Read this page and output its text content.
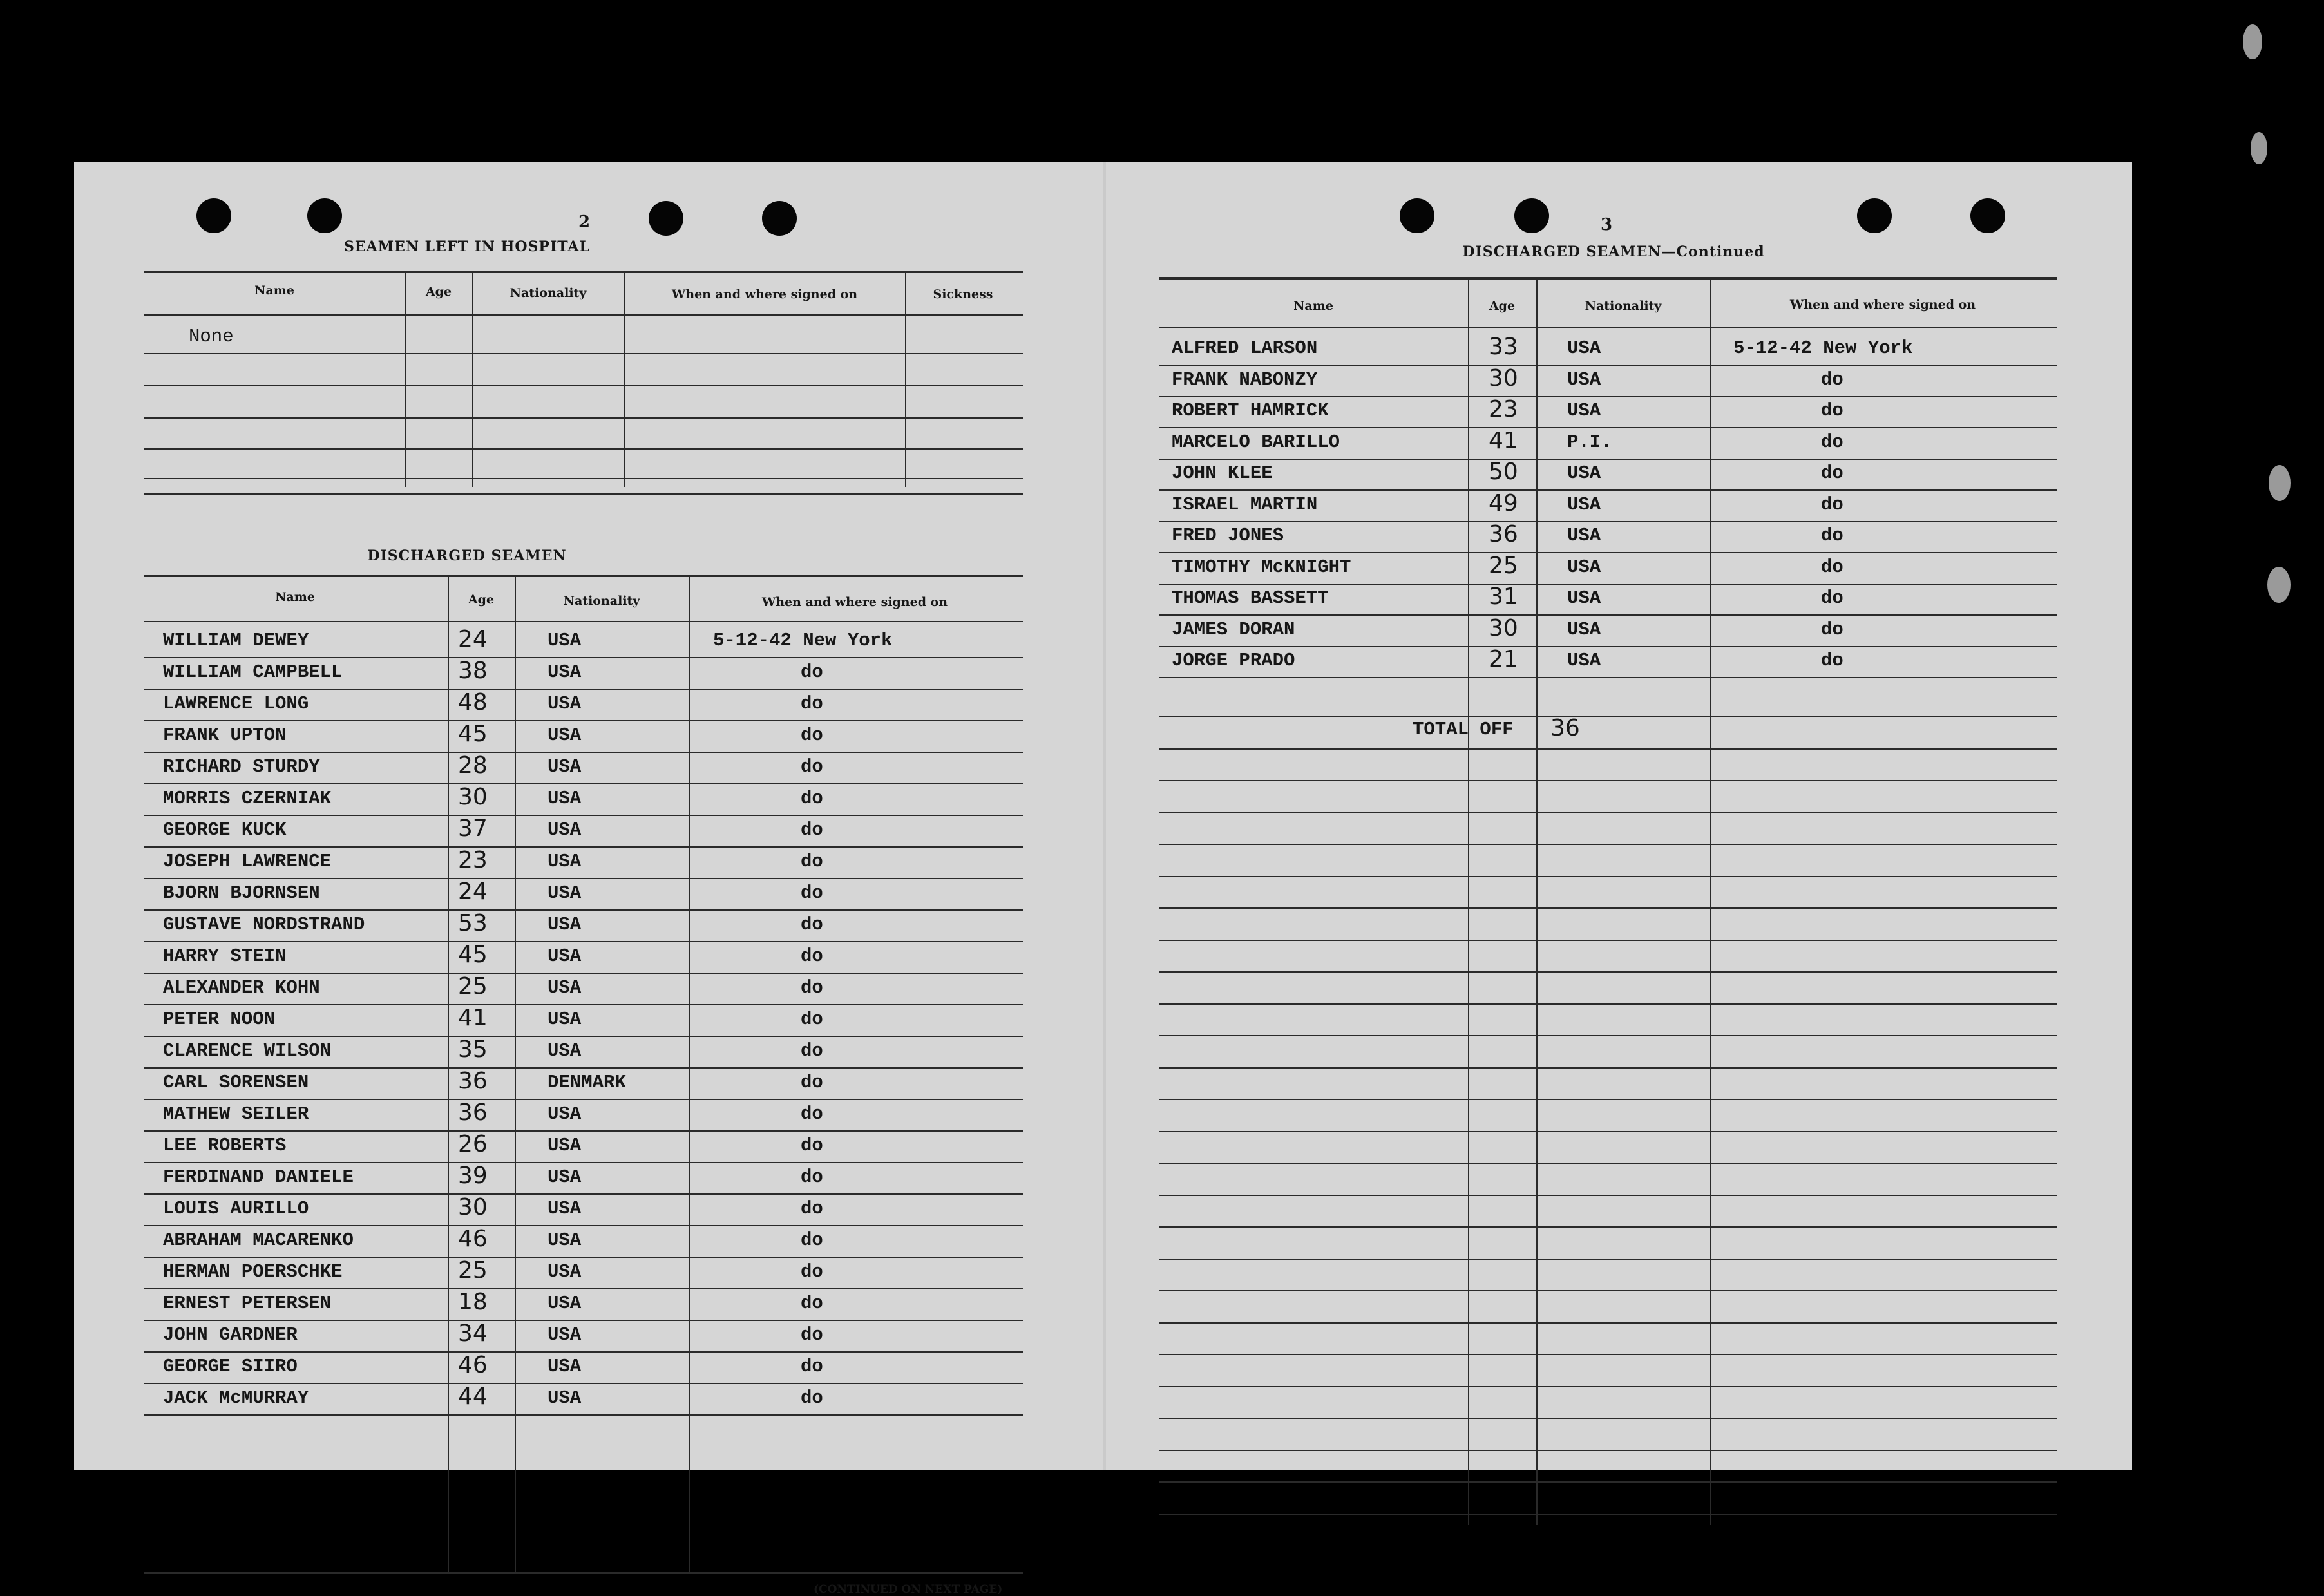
2
SEAMEN LEFT IN HOSPITAL
Name	Age	Nationality	When and where signed on	Sickness
None
DISCHARGED SEAMEN
Name	Age	Nationality	When and where signed on
WILLIAM DEWEY	24	USA	5-12-42 New York
WILLIAM CAMPBELL	38	USA	do
LAWRENCE LONG	48	USA	do
FRANK UPTON	45	USA	do
RICHARD STURDY	28	USA	do
MORRIS CZERNIAK	30	USA	do
GEORGE KUCK	37	USA	do
JOSEPH LAWRENCE	23	USA	do
BJORN BJORNSEN	24	USA	do
GUSTAVE NORDSTRAND	53	USA	do
HARRY STEIN	45	USA	do
ALEXANDER KOHN	25	USA	do
PETER NOON	41	USA	do
CLARENCE WILSON	35	USA	do
CARL SORENSEN	36	DENMARK	do
MATHEW SEILER	36	USA	do
LEE ROBERTS	26	USA	do
FERDINAND DANIELE	39	USA	do
LOUIS AURILLO	30	USA	do
ABRAHAM MACARENKO	46	USA	do
HERMAN POERSCHKE	25	USA	do
ERNEST PETERSEN	18	USA	do
JOHN GARDNER	34	USA	do
GEORGE SIIRO	46	USA	do
JACK McMURRAY	44	USA	do
(CONTINUED ON NEXT PAGE)
3
DISCHARGED SEAMEN—Continued
Name	Age	Nationality	When and where signed on
ALFRED LARSON	33	USA	5-12-42 New York
FRANK NABONZY	30	USA	do
ROBERT HAMRICK	23	USA	do
MARCELO BARILLO	41	P.I.	do
JOHN KLEE	50	USA	do
ISRAEL MARTIN	49	USA	do
FRED JONES	36	USA	do
TIMOTHY McKNIGHT	25	USA	do
THOMAS BASSETT	31	USA	do
JAMES DORAN	30	USA	do
JORGE PRADO	21	USA	do
TOTAL OFF 36
